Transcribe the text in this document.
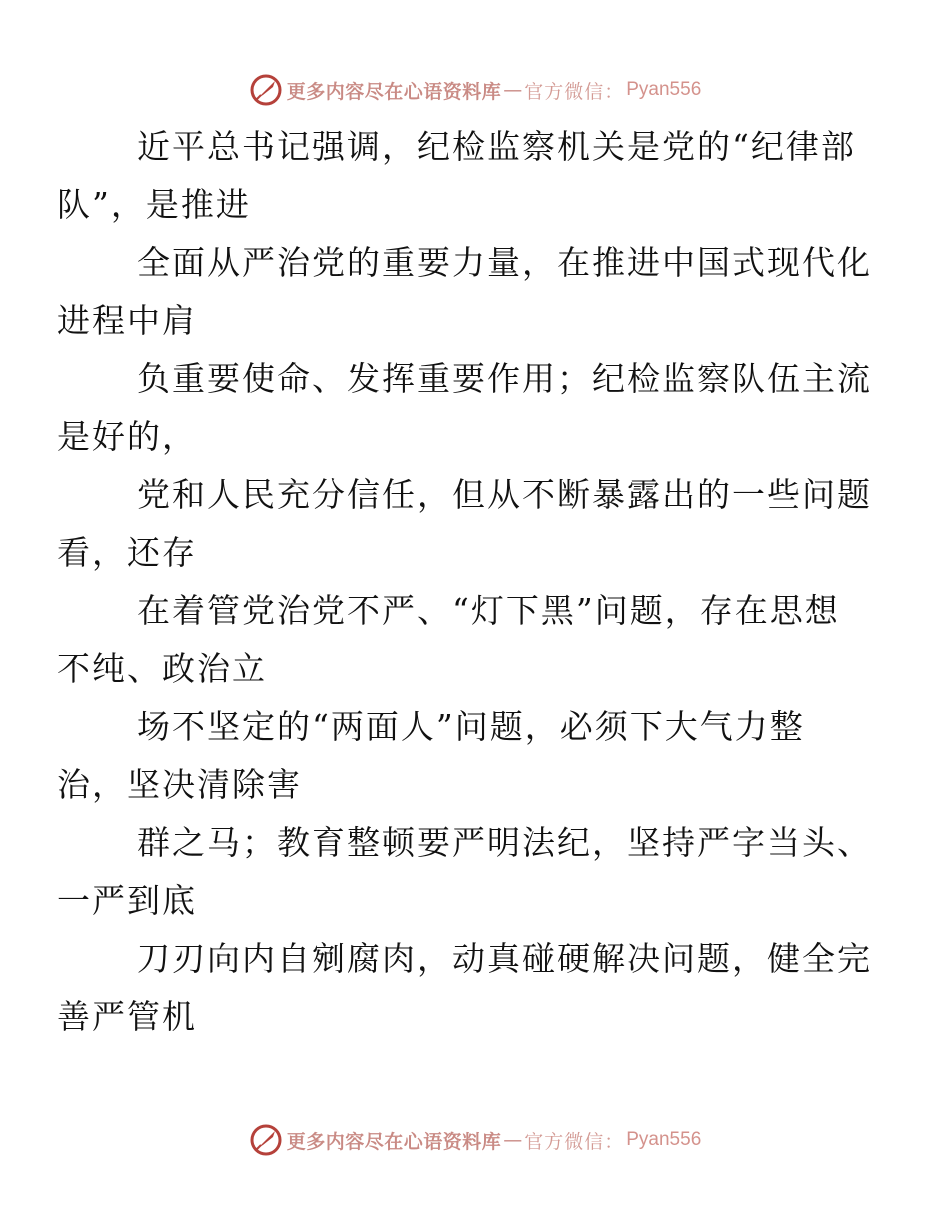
更多内容尽在心语资料库 — 官方微信： Pyan556

近平总书记强调，纪检监察机关是党的“纪律部
队”，是推进

全面从严治党的重要力量，在推进中国式现代化
进程中肩

负重要使命、发挥重要作用；纪检监察队伍主流
是好的，

党和人民充分信任，但从不断暴露出的一些问题
看，还存

在着管党治党不严、“灯下黑”问题，存在思想
不纯、政治立

场不坚定的“两面人”问题，必须下大气力整
治，坚决清除害

群之马；教育整顿要严明法纪，坚持严字当头、
一严到底

刀刃向内自剜腐肉，动真碰硬解决问题，健全完
善严管机

更多内容尽在心语资料库 — 官方微信： Pyan556
